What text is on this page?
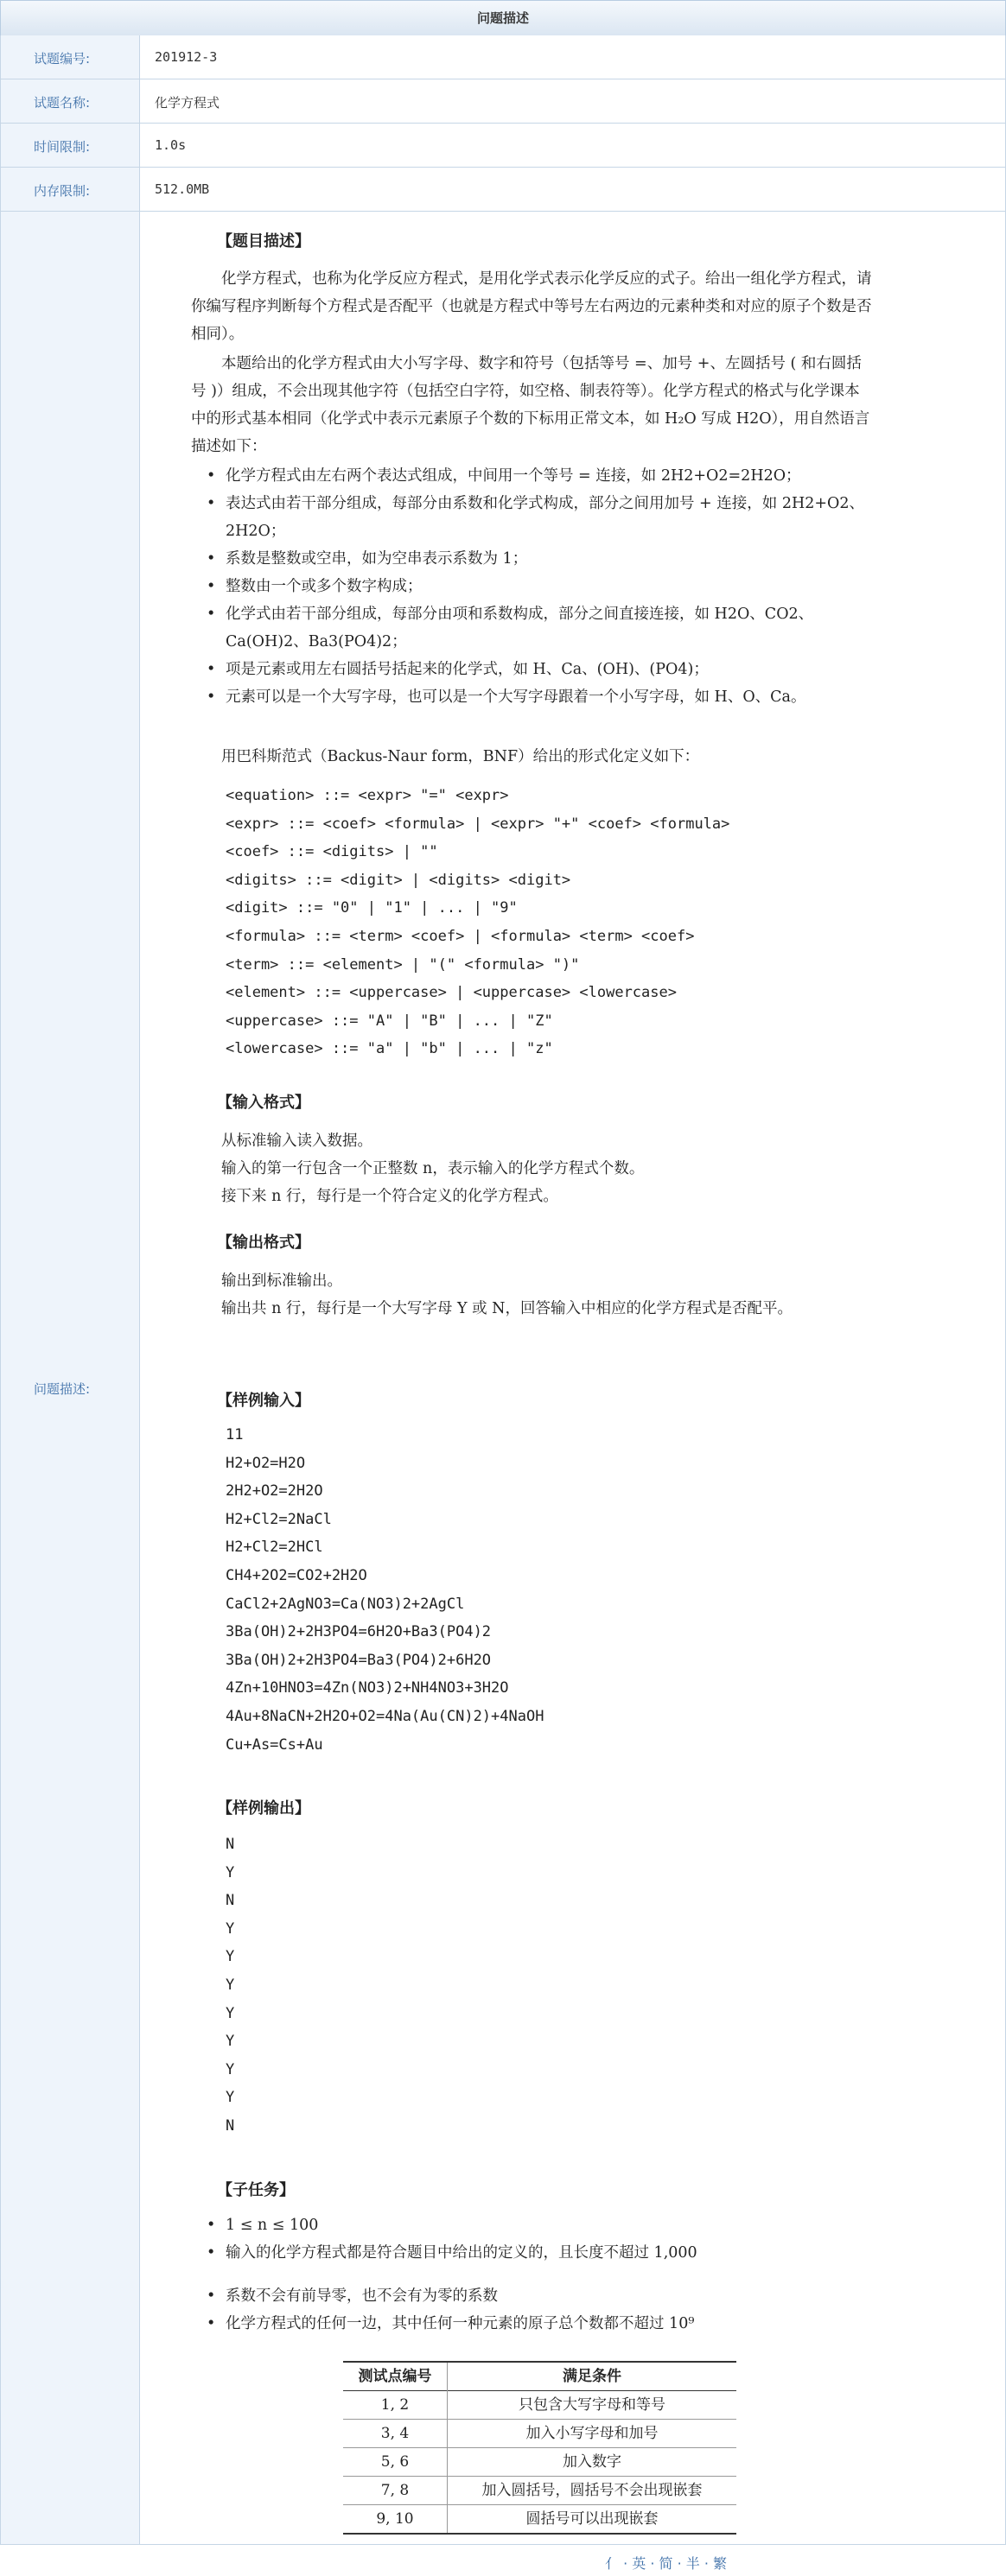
问题描述
试题编号:	201912-3
试题名称:	化学方程式
时间限制:	1.0s
内存限制:	512.0MB
问题描述:
【题目描述】

化学方程式，也称为化学反应方程式，是用化学式表示化学反应的式子。给出一组化学方程式，请你编写程序判断每个方程式是否配平（也就是方程式中等号左右两边的元素种类和对应的原子个数是否相同）。

本题给出的化学方程式由大小写字母、数字和符号（包括等号 =、加号 +、左圆括号 ( 和右圆括号 )）组成，不会出现其他字符（包括空白字符，如空格、制表符等）。化学方程式的格式与化学课本中的形式基本相同（化学式中表示元素原子个数的下标用正常文本，如 H₂O 写成 H2O），用自然语言描述如下：

• 化学方程式由左右两个表达式组成，中间用一个等号 = 连接，如 2H2+O2=2H2O；
• 表达式由若干部分组成，每部分由系数和化学式构成，部分之间用加号 + 连接，如 2H2+O2、2H2O；
• 系数是整数或空串，如为空串表示系数为 1；
• 整数由一个或多个数字构成；
• 化学式由若干部分组成，每部分由项和系数构成，部分之间直接连接，如 H2O、CO2、Ca(OH)2、Ba3(PO4)2；
• 项是元素或用左右圆括号括起来的化学式，如 H、Ca、(OH)、(PO4)；
• 元素可以是一个大写字母，也可以是一个大写字母跟着一个小写字母，如 H、O、Ca。

用巴科斯范式（Backus-Naur form，BNF）给出的形式化定义如下：

<equation> ::= <expr> "=" <expr>
<expr> ::= <coef> <formula> | <expr> "+" <coef> <formula>
<coef> ::= <digits> | ""
<digits> ::= <digit> | <digits> <digit>
<digit> ::= "0" | "1" | ... | "9"
<formula> ::= <term> <coef> | <formula> <term> <coef>
<term> ::= <element> | "(" <formula> ")"
<element> ::= <uppercase> | <uppercase> <lowercase>
<uppercase> ::= "A" | "B" | ... | "Z"
<lowercase> ::= "a" | "b" | ... | "z"
【输入格式】

从标准输入读入数据。

输入的第一行包含一个正整数 n，表示输入的化学方程式个数。

接下来 n 行，每行是一个符合定义的化学方程式。

【输出格式】

输出到标准输出。

输出共 n 行，每行是一个大写字母 Y 或 N，回答输入中相应的化学方程式是否配平。

【样例输入】
11
H2+O2=H2O
2H2+O2=2H2O
H2+Cl2=2NaCl
H2+Cl2=2HCl
CH4+2O2=CO2+2H2O
CaCl2+2AgNO3=Ca(NO3)2+2AgCl
3Ba(OH)2+2H3PO4=6H2O+Ba3(PO4)2
3Ba(OH)2+2H3PO4=Ba3(PO4)2+6H2O
4Zn+10HNO3=4Zn(NO3)2+NH4NO3+3H2O
4Au+8NaCN+2H2O+O2=4Na(Au(CN)2)+4NaOH
Cu+As=Cs+Au
【样例输出】
N
Y
N
Y
Y
Y
Y
Y
Y
Y
N
【子任务】
• 1 ≤ n ≤ 100
• 输入的化学方程式都是符合题目中给出的定义的，且长度不超过 1,000
• 系数不会有前导零，也不会有为零的系数
• 化学方程式的任何一边，其中任何一种元素的原子总个数都不超过 10⁹
测试点编号	满足条件
1, 2	只包含大写字母和等号
3, 4	加入小写字母和加号
5, 6	加入数字
7, 8	加入圆括号，圆括号不会出现嵌套
9, 10	圆括号可以出现嵌套
亻 · 英 · 简 · 半 · 繁
